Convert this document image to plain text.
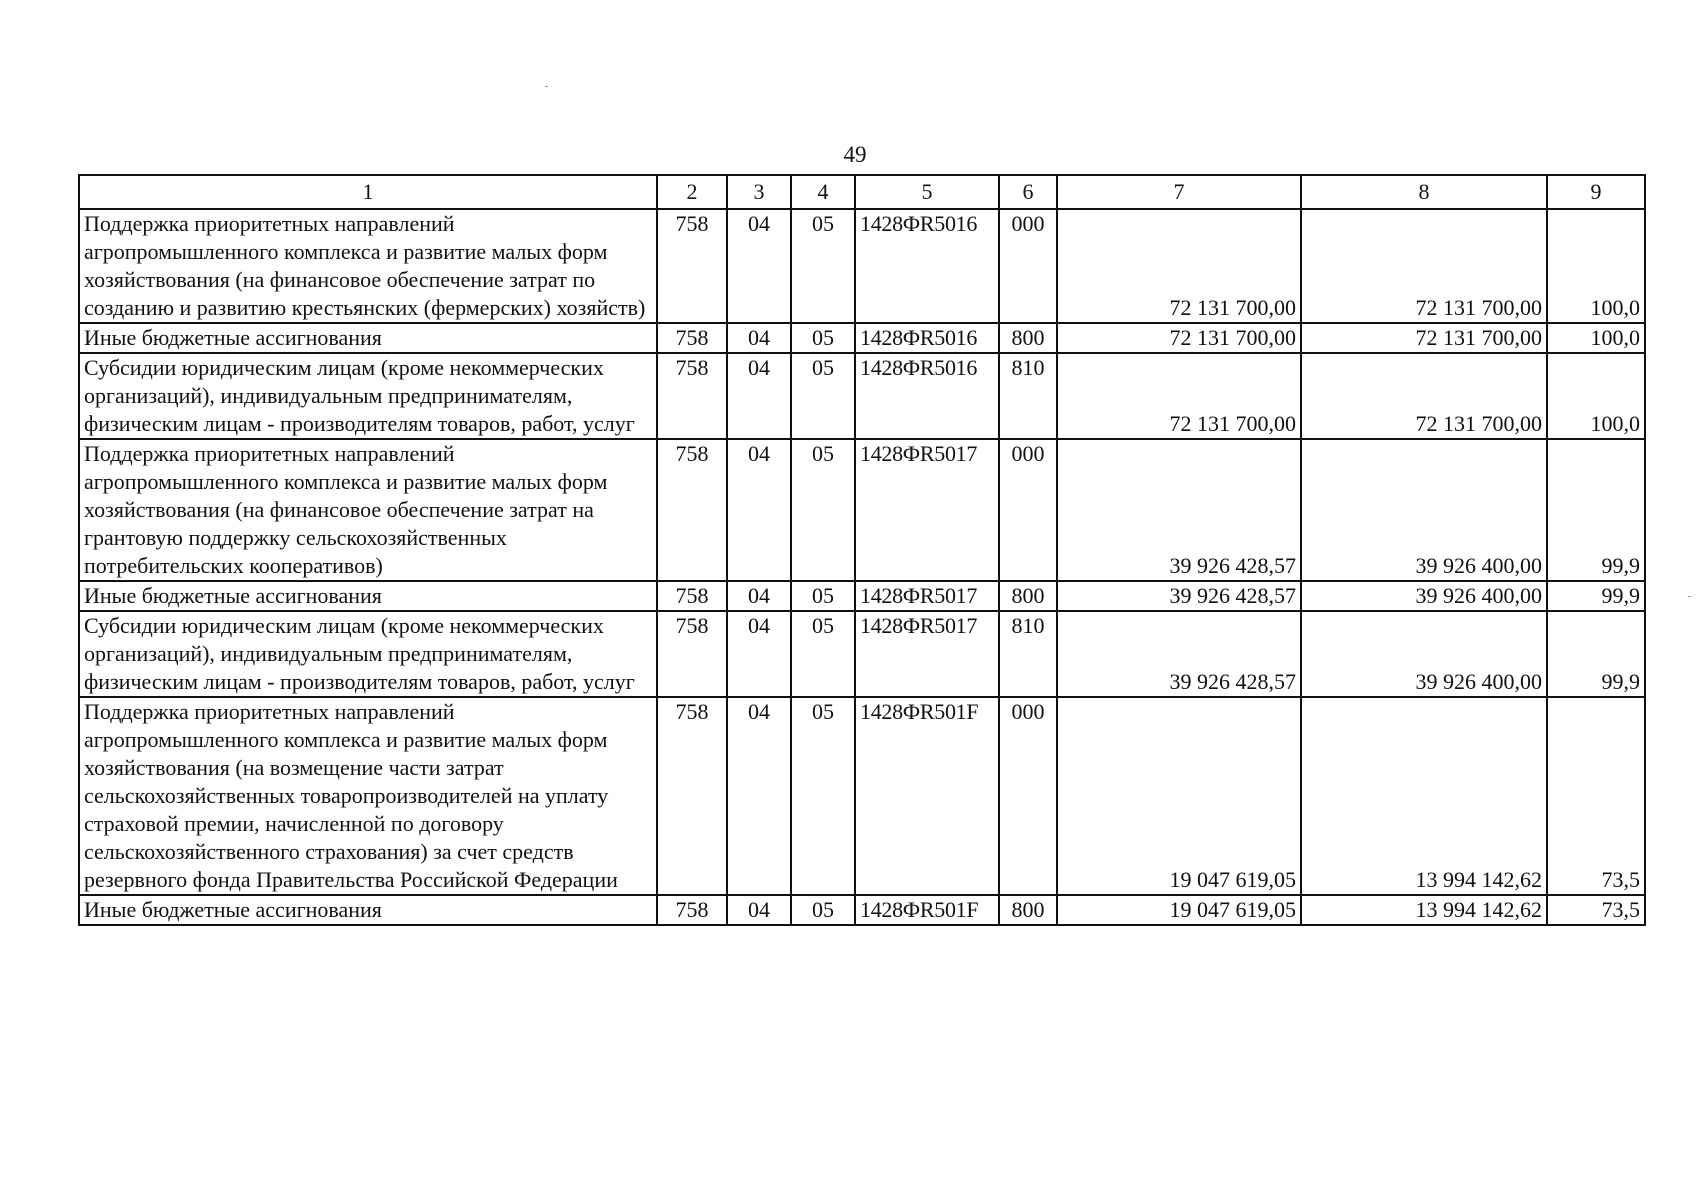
49
1	2	3	4	5	6	7	8	9
Поддержка приоритетных направлений агропромышленного комплекса и развитие малых форм хозяйствования (на финансовое обеспечение затрат по созданию и развитию крестьянских (фермерских) хозяйств)	758	04	05	1428ФR5016	000	72 131 700,00	72 131 700,00	100,0
Иные бюджетные ассигнования	758	04	05	1428ФR5016	800	72 131 700,00	72 131 700,00	100,0
Субсидии юридическим лицам (кроме некоммерческих организаций), индивидуальным предпринимателям, физическим лицам - производителям товаров, работ, услуг	758	04	05	1428ФR5016	810	72 131 700,00	72 131 700,00	100,0
Поддержка приоритетных направлений агропромышленного комплекса и развитие малых форм хозяйствования (на финансовое обеспечение затрат на грантовую поддержку сельскохозяйственных потребительских кооперативов)	758	04	05	1428ФR5017	000	39 926 428,57	39 926 400,00	99,9
Иные бюджетные ассигнования	758	04	05	1428ФR5017	800	39 926 428,57	39 926 400,00	99,9
Субсидии юридическим лицам (кроме некоммерческих организаций), индивидуальным предпринимателям, физическим лицам - производителям товаров, работ, услуг	758	04	05	1428ФR5017	810	39 926 428,57	39 926 400,00	99,9
Поддержка приоритетных направлений агропромышленного комплекса и развитие малых форм хозяйствования (на возмещение части затрат сельскохозяйственных товаропроизводителей на уплату страховой премии, начисленной по договору сельскохозяйственного страхования) за счет средств резервного фонда Правительства Российской Федерации	758	04	05	1428ФR501F	000	19 047 619,05	13 994 142,62	73,5
Иные бюджетные ассигнования	758	04	05	1428ФR501F	800	19 047 619,05	13 994 142,62	73,5
